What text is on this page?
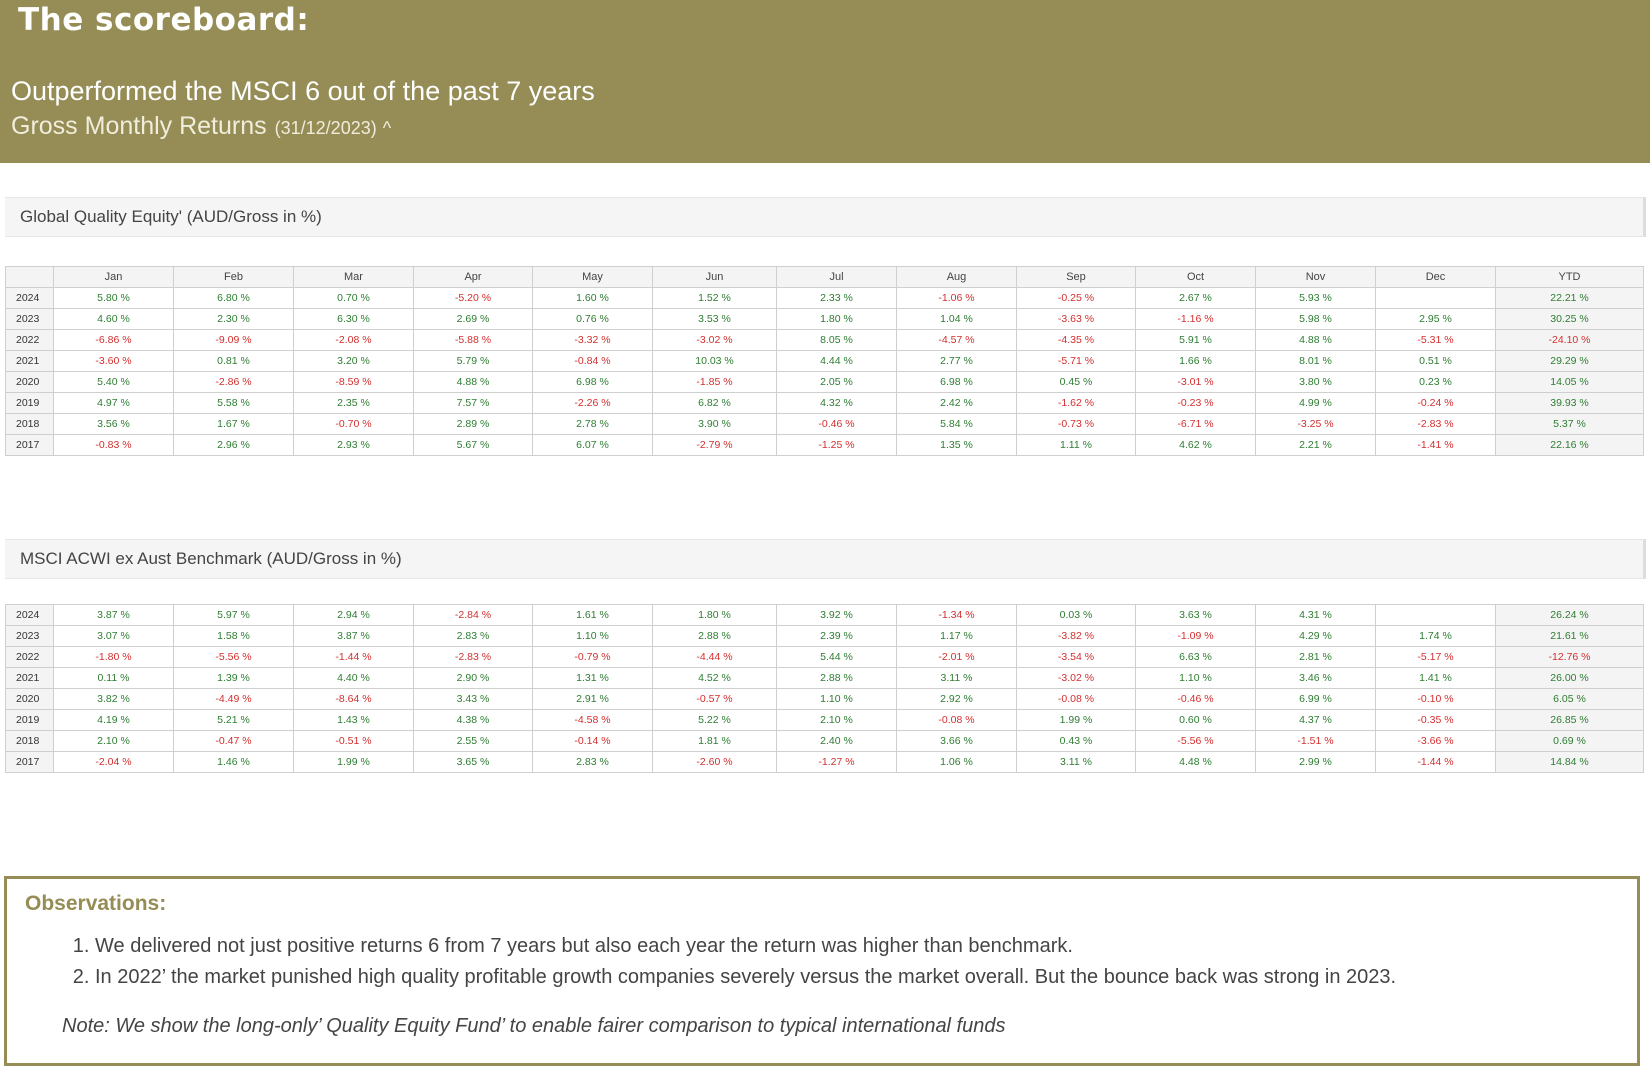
The scoreboard:
Outperformed the MSCI 6 out of the past 7 years
Gross Monthly Returns (31/12/2023) ^
Global Quality Equity' (AUD/Gross in %)
	Jan	Feb	Mar	Apr	May	Jun	Jul	Aug	Sep	Oct	Nov	Dec	YTD
2024	5.80 %	6.80 %	0.70 %	-5.20 %	1.60 %	1.52 %	2.33 %	-1.06 %	-0.25 %	2.67 %	5.93 %		22.21 %
2023	4.60 %	2.30 %	6.30 %	2.69 %	0.76 %	3.53 %	1.80 %	1.04 %	-3.63 %	-1.16 %	5.98 %	2.95 %	30.25 %
2022	-6.86 %	-9.09 %	-2.08 %	-5.88 %	-3.32 %	-3.02 %	8.05 %	-4.57 %	-4.35 %	5.91 %	4.88 %	-5.31 %	-24.10 %
2021	-3.60 %	0.81 %	3.20 %	5.79 %	-0.84 %	10.03 %	4.44 %	2.77 %	-5.71 %	1.66 %	8.01 %	0.51 %	29.29 %
2020	5.40 %	-2.86 %	-8.59 %	4.88 %	6.98 %	-1.85 %	2.05 %	6.98 %	0.45 %	-3.01 %	3.80 %	0.23 %	14.05 %
2019	4.97 %	5.58 %	2.35 %	7.57 %	-2.26 %	6.82 %	4.32 %	2.42 %	-1.62 %	-0.23 %	4.99 %	-0.24 %	39.93 %
2018	3.56 %	1.67 %	-0.70 %	2.89 %	2.78 %	3.90 %	-0.46 %	5.84 %	-0.73 %	-6.71 %	-3.25 %	-2.83 %	5.37 %
2017	-0.83 %	2.96 %	2.93 %	5.67 %	6.07 %	-2.79 %	-1.25 %	1.35 %	1.11 %	4.62 %	2.21 %	-1.41 %	22.16 %
MSCI ACWI ex Aust Benchmark (AUD/Gross in %)
2024	3.87 %	5.97 %	2.94 %	-2.84 %	1.61 %	1.80 %	3.92 %	-1.34 %	0.03 %	3.63 %	4.31 %		26.24 %
2023	3.07 %	1.58 %	3.87 %	2.83 %	1.10 %	2.88 %	2.39 %	1.17 %	-3.82 %	-1.09 %	4.29 %	1.74 %	21.61 %
2022	-1.80 %	-5.56 %	-1.44 %	-2.83 %	-0.79 %	-4.44 %	5.44 %	-2.01 %	-3.54 %	6.63 %	2.81 %	-5.17 %	-12.76 %
2021	0.11 %	1.39 %	4.40 %	2.90 %	1.31 %	4.52 %	2.88 %	3.11 %	-3.02 %	1.10 %	3.46 %	1.41 %	26.00 %
2020	3.82 %	-4.49 %	-8.64 %	3.43 %	2.91 %	-0.57 %	1.10 %	2.92 %	-0.08 %	-0.46 %	6.99 %	-0.10 %	6.05 %
2019	4.19 %	5.21 %	1.43 %	4.38 %	-4.58 %	5.22 %	2.10 %	-0.08 %	1.99 %	0.60 %	4.37 %	-0.35 %	26.85 %
2018	2.10 %	-0.47 %	-0.51 %	2.55 %	-0.14 %	1.81 %	2.40 %	3.66 %	0.43 %	-5.56 %	-1.51 %	-3.66 %	0.69 %
2017	-2.04 %	1.46 %	1.99 %	3.65 %	2.83 %	-2.60 %	-1.27 %	1.06 %	3.11 %	4.48 %	2.99 %	-1.44 %	14.84 %
Observations:
1. We delivered not just positive returns 6 from 7 years but also each year the return was higher than benchmark.
2. In 2022’ the market punished high quality profitable growth companies severely versus the market overall. But the bounce back was strong in 2023.
Note: We show the long-only’ Quality Equity Fund’ to enable fairer comparison to typical international funds
